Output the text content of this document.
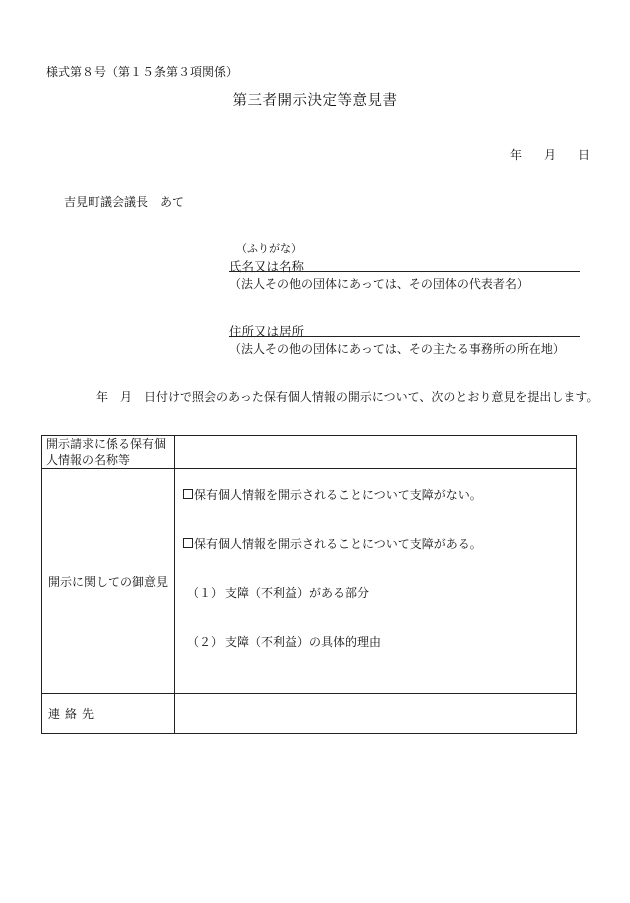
様式第８号（第１５条第３項関係）
第三者開示決定等意見書
年 月 日
吉見町議会議長　あて
（ふりがな）
氏名又は名称
（法人その他の団体にあっては、その団体の代表者名）
住所又は居所
（法人その他の団体にあっては、その主たる事務所の所在地）
年　月　日付けで照会のあった保有個人情報の開示について、次のとおり意見を提出します。
開示請求に係る保有個人情報の名称等	
開示に関しての御意見	保有個人情報を開示されることについて支障がない。
保有個人情報を開示されることについて支障がある。
（１） 支障（不利益）がある部分
（２） 支障（不利益）の具体的理由

連絡先	
